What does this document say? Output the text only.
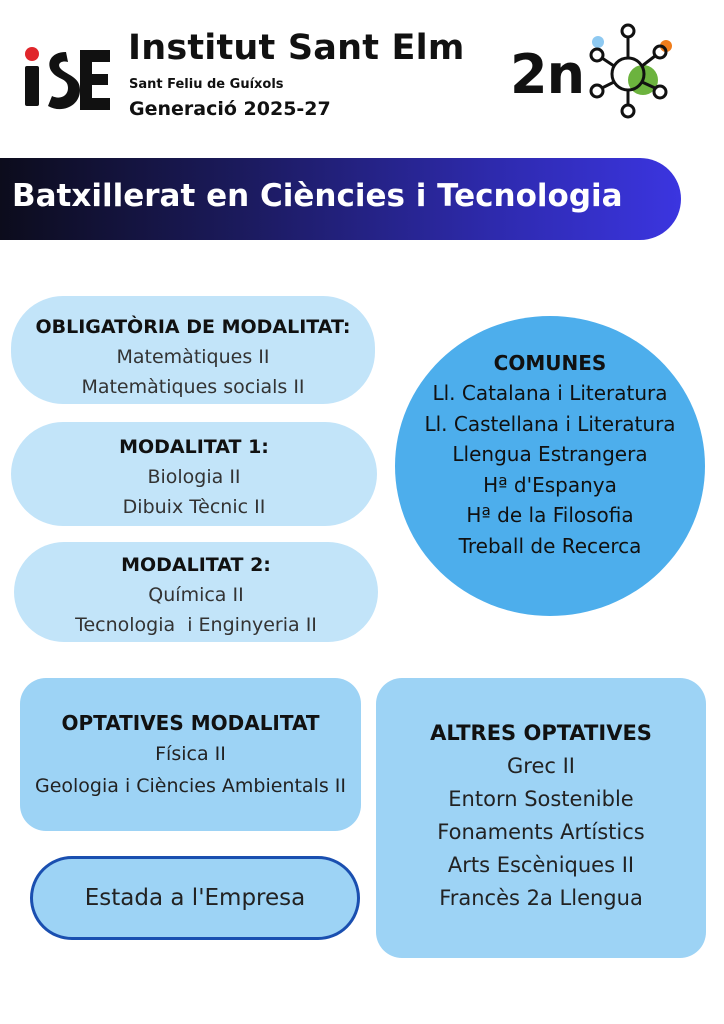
Institut Sant Elm
Sant Feliu de Guíxols
Generació 2025-27
2n
Batxillerat en Ciències i Tecnologia
OBLIGATÒRIA DE MODALITAT:
Matemàtiques II
Matemàtiques socials II
MODALITAT 1:
Biologia II
Dibuix Tècnic II
MODALITAT 2:
Química II
Tecnologia  i Enginyeria II
COMUNES
Ll. Catalana i Literatura
Ll. Castellana i Literatura
Llengua Estrangera
Hª d'Espanya
Hª de la Filosofia
Treball de Recerca
OPTATIVES MODALITAT
Física II
Geologia i Ciències Ambientals II
ALTRES OPTATIVES
Grec II
Entorn Sostenible
Fonaments Artístics
Arts Escèniques II
Francès 2a Llengua
Estada a l'Empresa
